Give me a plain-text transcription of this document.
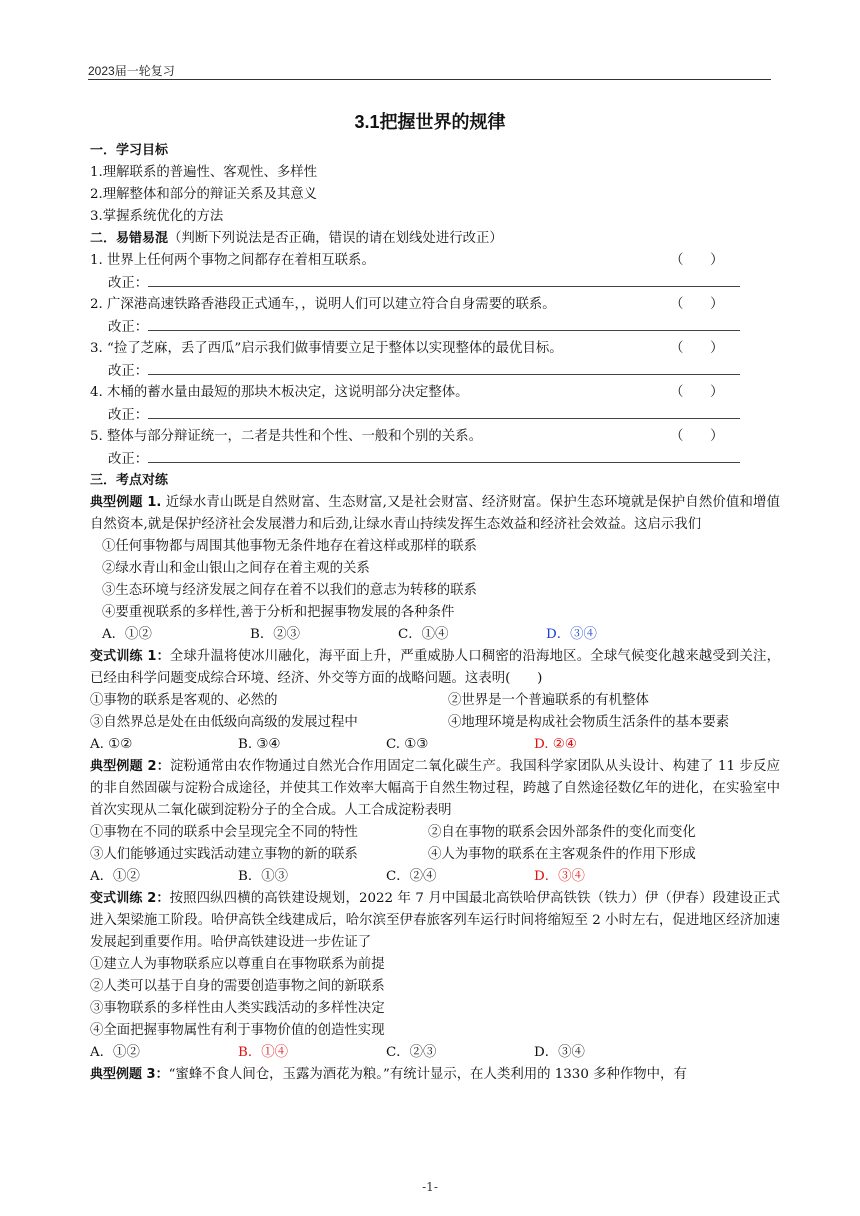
2023届一轮复习
3.1把握世界的规律
一．学习目标
1.理解联系的普遍性、客观性、多样性
2.理解整体和部分的辩证关系及其意义
3.掌握系统优化的方法
二．易错易混（判断下列说法是否正确，错误的请在划线处进行改正）
1. 世界上任何两个事物之间都存在着相互联系。	（　　）
改正：
2. 广深港高速铁路香港段正式通车，，说明人们可以建立符合自身需要的联系。	（　　）
改正：
3. “捡了芝麻，丢了西瓜”启示我们做事情要立足于整体以实现整体的最优目标。	（　　）
改正：
4. 木桶的蓄水量由最短的那块木板决定，这说明部分决定整体。	（　　）
改正：
5. 整体与部分辩证统一，二者是共性和个性、一般和个别的关系。	（　　）
改正：
三．考点对练
典型例题 1. 近绿水青山既是自然财富、生态财富,又是社会财富、经济财富。保护生态环境就是保护自然价值和增值自然资本,就是保护经济社会发展潜力和后劲,让绿水青山持续发挥生态效益和经济社会效益。这启示我们
①任何事物都与周围其他事物无条件地存在着这样或那样的联系
②绿水青山和金山银山之间存在着主观的关系
③生态环境与经济发展之间存在着不以我们的意志为转移的联系
④要重视联系的多样性,善于分析和把握事物发展的各种条件
A．①②	B．②③	C．①④	D．③④
变式训练 1：全球升温将使冰川融化，海平面上升，严重威胁人口稠密的沿海地区。全球气候变化越来越受到关注，已经由科学问题变成综合环境、经济、外交等方面的战略问题。这表明(　　)
①事物的联系是客观的、必然的	②世界是一个普遍联系的有机整体
③自然界总是处在由低级向高级的发展过程中	④地理环境是构成社会物质生活条件的基本要素
A. ①②	B. ③④	C. ①③	D. ②④
典型例题 2：淀粉通常由农作物通过自然光合作用固定二氧化碳生产。我国科学家团队从头设计、构建了 11 步反应的非自然固碳与淀粉合成途径，并使其工作效率大幅高于自然生物过程，跨越了自然途径数亿年的进化，在实验室中首次实现从二氧化碳到淀粉分子的全合成。人工合成淀粉表明
①事物在不同的联系中会呈现完全不同的特性	②自在事物的联系会因外部条件的变化而变化
③人们能够通过实践活动建立事物的新的联系	④人为事物的联系在主客观条件的作用下形成
A．①②	B．①③	C．②④	D．③④
变式训练 2：按照四纵四横的高铁建设规划，2022 年 7 月中国最北高铁哈伊高铁铁（铁力）伊（伊春）段建设正式进入架梁施工阶段。哈伊高铁全线建成后，哈尔滨至伊春旅客列车运行时间将缩短至 2 小时左右，促进地区经济加速发展起到重要作用。哈伊高铁建设进一步佐证了
①建立人为事物联系应以尊重自在事物联系为前提
②人类可以基于自身的需要创造事物之间的新联系
③事物联系的多样性由人类实践活动的多样性决定
④全面把握事物属性有利于事物价值的创造性实现
A．①②	B．①④	C．②③	D．③④
典型例题 3：“蜜蜂不食人间仓，玉露为酒花为粮。”有统计显示，在人类利用的 1330 多种作物中，有
-1-
